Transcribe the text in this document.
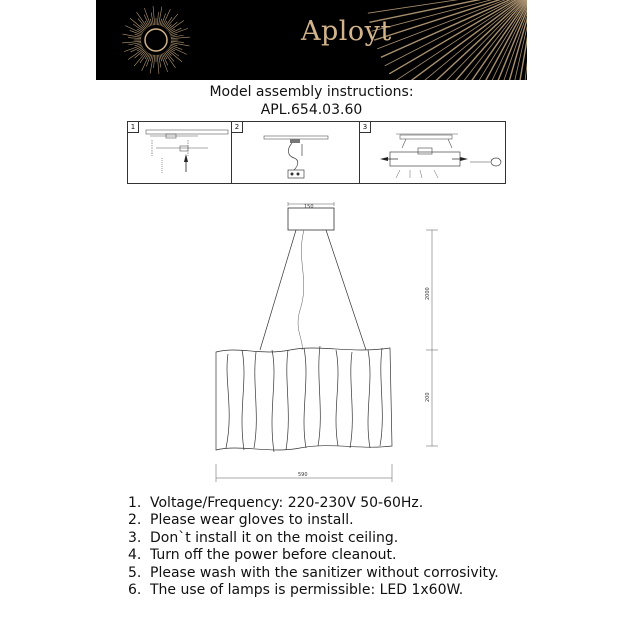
Aployt
Model assembly instructions:
APL.654.03.60
1	2	3
150
2000
200
590
1. Voltage/Frequency: 220-230V 50-60Hz.
2. Please wear gloves to install.
3. Don`t install it on the moist ceiling.
4. Turn off the power before cleanout.
5. Please wash with the sanitizer without corrosivity.
6. The use of lamps is permissible: LED 1x60W.
